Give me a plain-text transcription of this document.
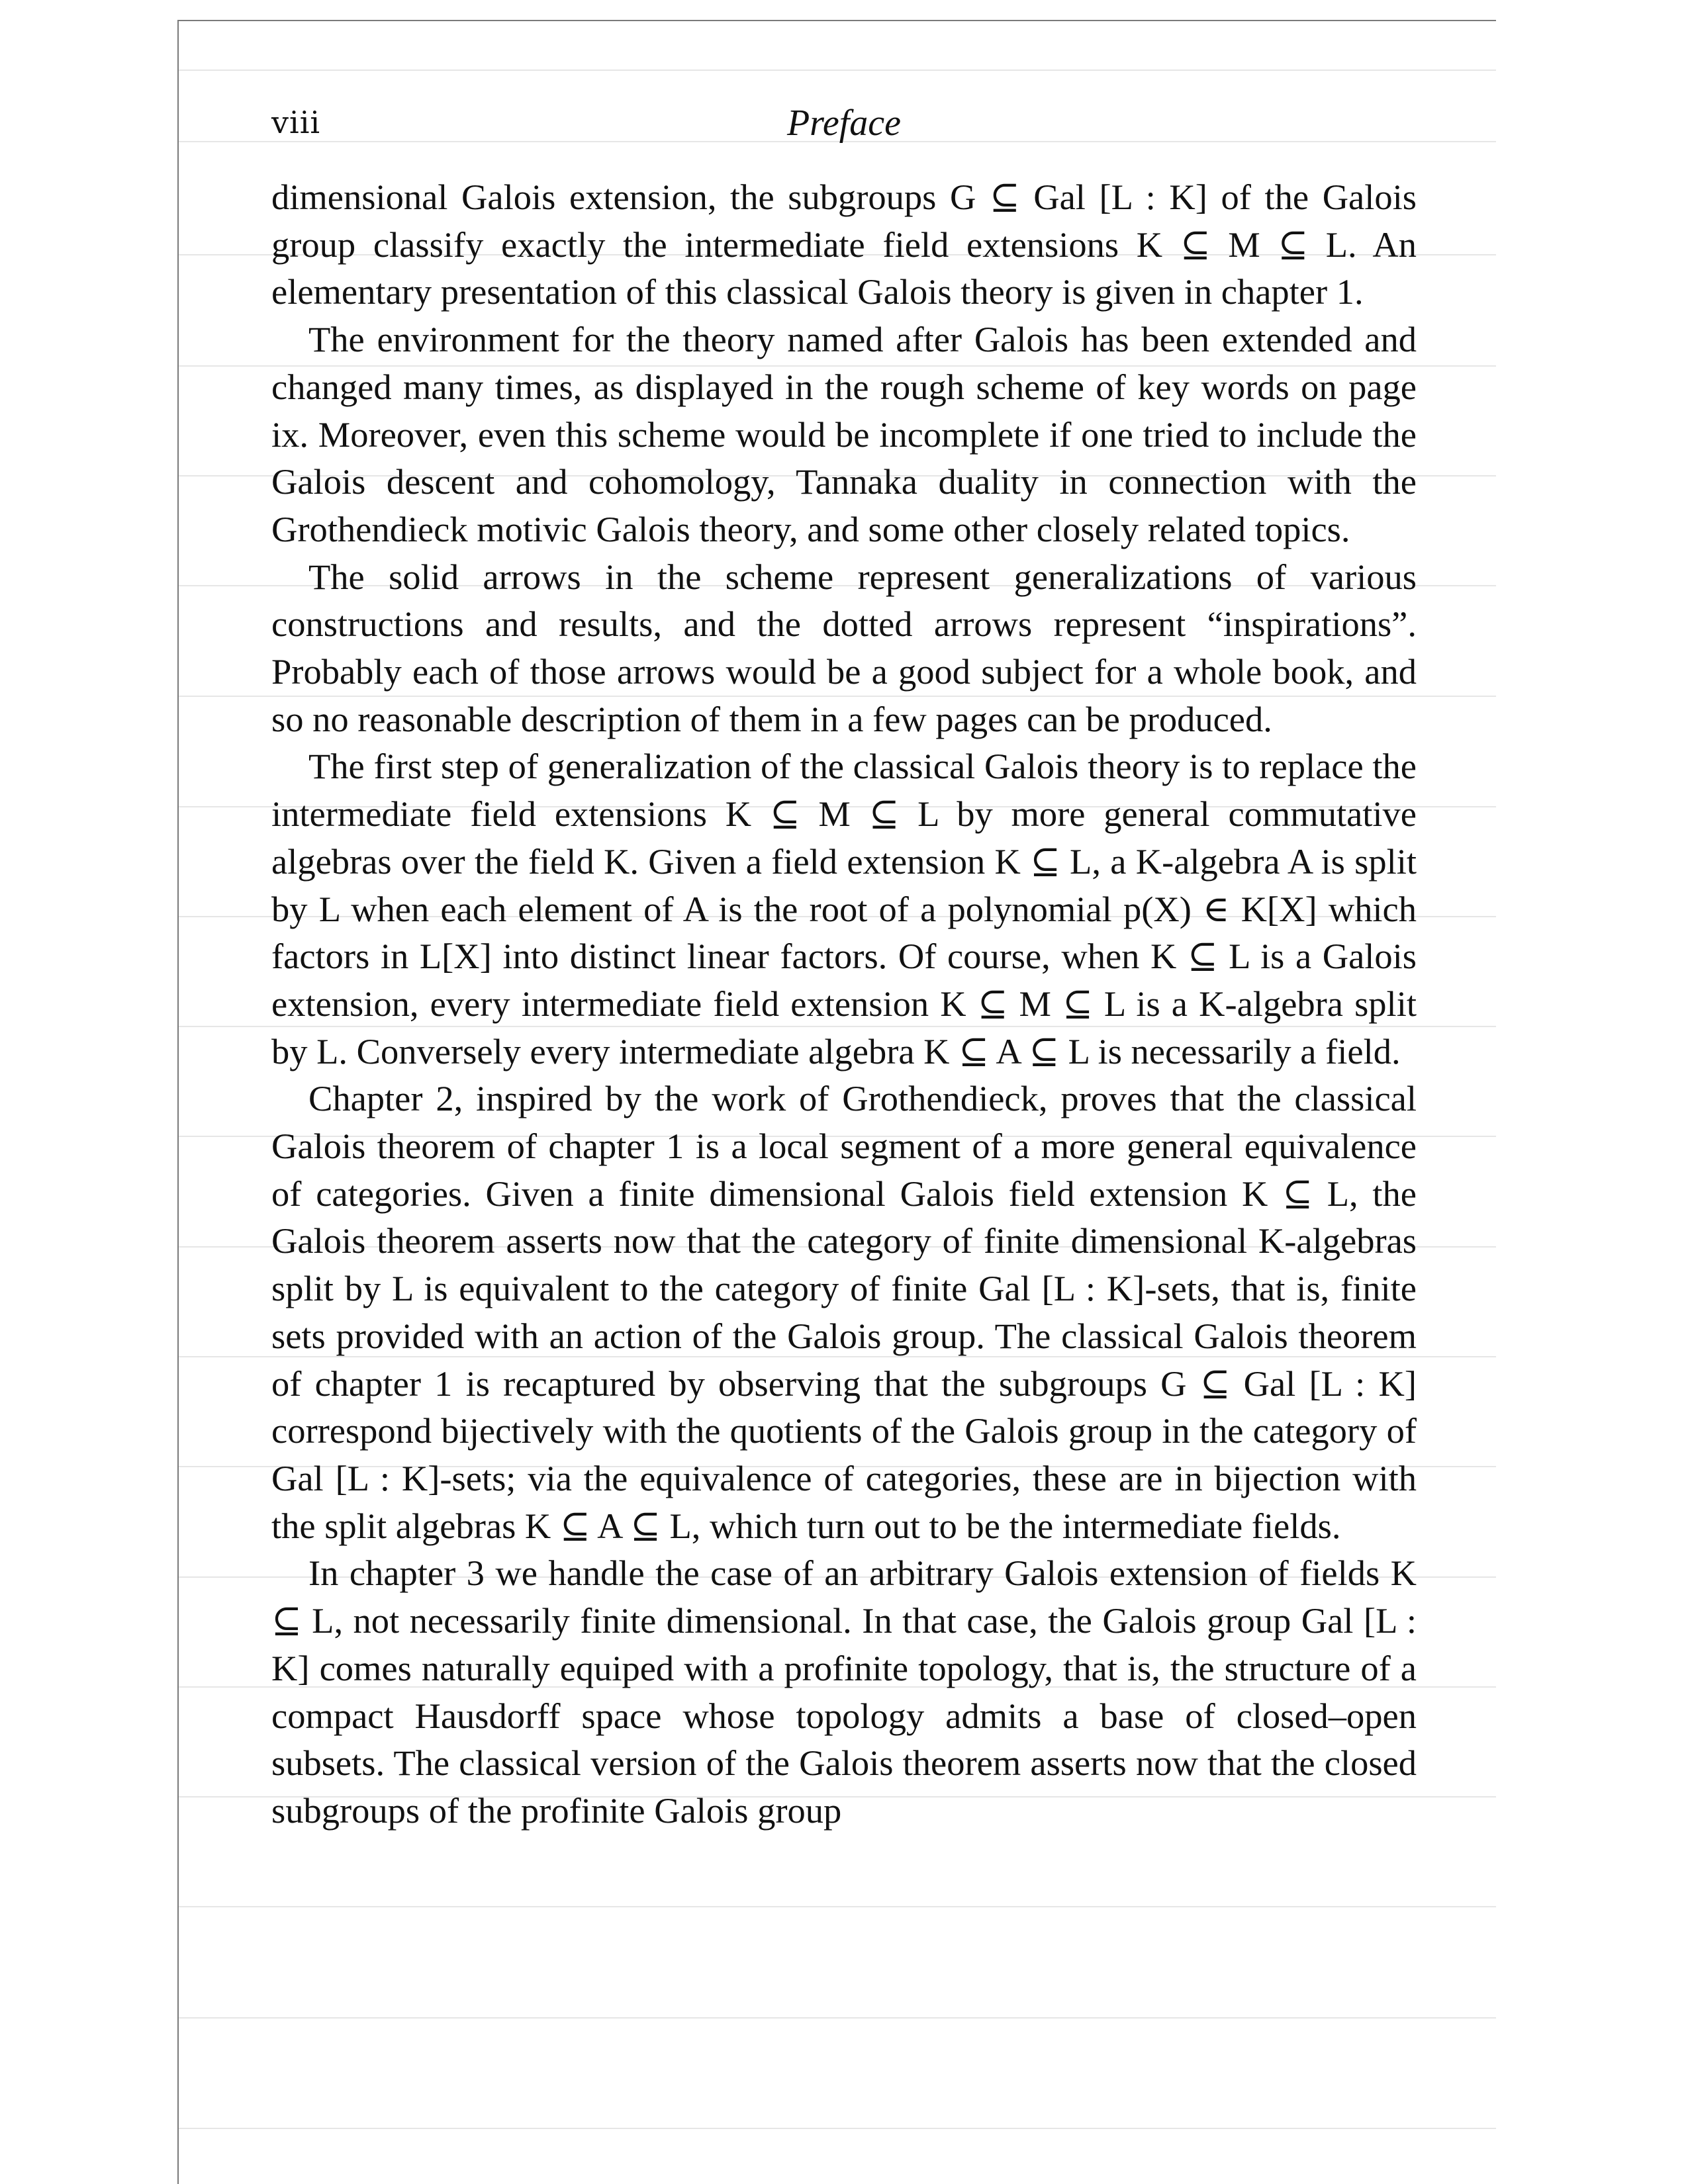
viii	Preface

dimensional Galois extension, the subgroups G ⊆ Gal [L : K] of the Galois group classify exactly the intermediate field extensions K ⊆ M ⊆ L. An elementary presentation of this classical Galois theory is given in chapter 1.

The environment for the theory named after Galois has been extended and changed many times, as displayed in the rough scheme of key words on page ix. Moreover, even this scheme would be incomplete if one tried to include the Galois descent and cohomology, Tannaka duality in connection with the Grothendieck motivic Galois theory, and some other closely related topics.

The solid arrows in the scheme represent generalizations of various constructions and results, and the dotted arrows represent “inspirations”. Probably each of those arrows would be a good subject for a whole book, and so no reasonable description of them in a few pages can be produced.

The first step of generalization of the classical Galois theory is to replace the intermediate field extensions K ⊆ M ⊆ L by more general commutative algebras over the field K. Given a field extension K ⊆ L, a K-algebra A is split by L when each element of A is the root of a polynomial p(X) ∈ K[X] which factors in L[X] into distinct linear factors. Of course, when K ⊆ L is a Galois extension, every intermediate field extension K ⊆ M ⊆ L is a K-algebra split by L. Conversely every intermediate algebra K ⊆ A ⊆ L is necessarily a field.

Chapter 2, inspired by the work of Grothendieck, proves that the classical Galois theorem of chapter 1 is a local segment of a more general equivalence of categories. Given a finite dimensional Galois field extension K ⊆ L, the Galois theorem asserts now that the category of finite dimensional K-algebras split by L is equivalent to the category of finite Gal [L : K]-sets, that is, finite sets provided with an action of the Galois group. The classical Galois theorem of chapter 1 is recaptured by observing that the subgroups G ⊆ Gal [L : K] correspond bijectively with the quotients of the Galois group in the category of Gal [L : K]-sets; via the equivalence of categories, these are in bijection with the split algebras K ⊆ A ⊆ L, which turn out to be the intermediate fields.

In chapter 3 we handle the case of an arbitrary Galois extension of fields K ⊆ L, not necessarily finite dimensional. In that case, the Galois group Gal [L : K] comes naturally equiped with a profinite topology, that is, the structure of a compact Hausdorff space whose topology admits a base of closed–open subsets. The classical version of the Galois theorem asserts now that the closed subgroups of the profinite Galois group
